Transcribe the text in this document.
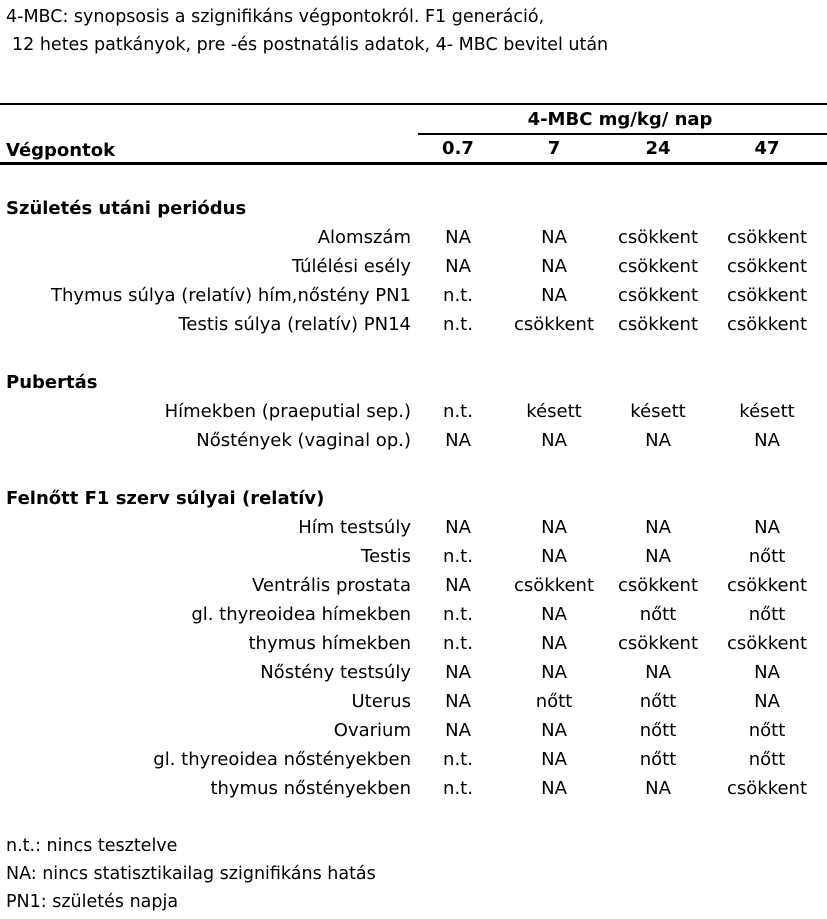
4-MBC: synopsosis a szignifikáns végpontokról. F1 generáció,
12 hetes patkányok, pre -és postnatális adatok, 4- MBC bevitel után
4-MBC mg/kg/ nap
Végpontok	0.7	7	24	47
Születés utáni periódus
Alomszám NA	NA	csökkent csökkent
Túlélési esély NA	NA	csökkent csökkent
Thymus súlya (relatív) hím,nőstény PN1 n.t.	NA	csökkent csökkent
Testis súlya (relatív) PN14 n.t. csökkent csökkent csökkent
Pubertás
Hímekben (praeputial sep.) n.t.	késett	késett	késett
Nőstények (vaginal op.) NA	NA	NA	NA
Felnőtt F1 szerv súlyai (relatív)
Hím testsúly NA	NA	NA	NA
Testis n.t.	NA	NA	nőtt
Ventrális prostata NA csökkent csökkent csökkent
gl. thyreoidea hímekben n.t.	NA	nőtt	nőtt
thymus hímekben n.t.	NA	csökkent csökkent
Nőstény testsúly NA	NA	NA	NA
Uterus NA	nőtt	nőtt	NA
Ovarium NA	NA	nőtt	nőtt
gl. thyreoidea nőstényekben n.t.	NA	nőtt	nőtt
thymus nőstényekben n.t.	NA	NA	csökkent
n.t.: nincs tesztelve
NA: nincs statisztikailag szignifikáns hatás
PN1: születés napja
